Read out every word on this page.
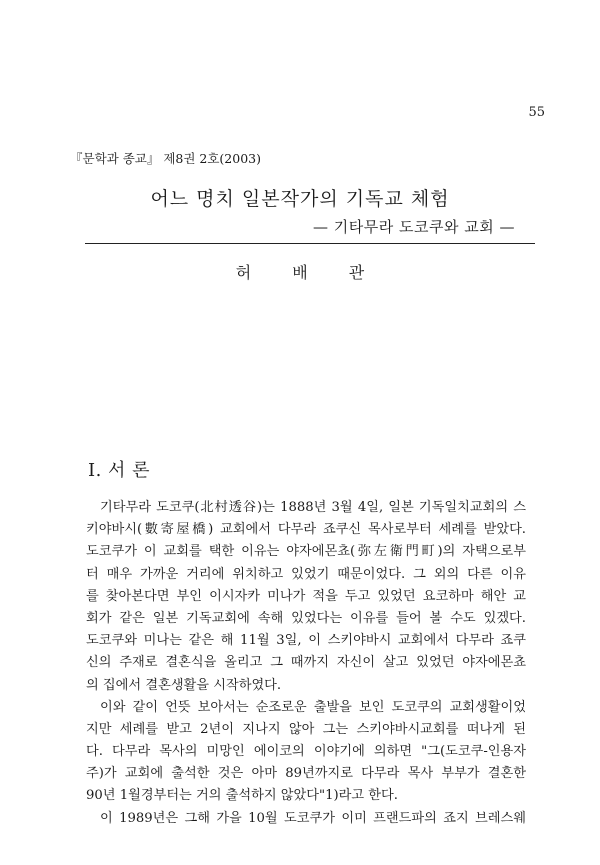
55
『문학과 종교』 제8권 2호(2003)
어느 명치 일본작가의 기독교 체험
— 기타무라 도코쿠와 교회 —
허 배 관
I. 서 론
기타무라 도코쿠(北村透谷)는 1888년 3월 4일, 일본 기독일치교회의 스
키야바시(數寄屋橋) 교회에서 다무라 죠쿠신 목사로부터 세례를 받았다.
도코쿠가 이 교회를 택한 이유는 야자에몬쵸(弥左衛門町)의 자택으로부
터 매우 가까운 거리에 위치하고 있었기 때문이었다. 그 외의 다른 이유
를 찾아본다면 부인 이시자카 미나가 적을 두고 있었던 요코하마 해안 교
회가 같은 일본 기독교회에 속해 있었다는 이유를 들어 볼 수도 있겠다.
도코쿠와 미나는 같은 해 11월 3일, 이 스키야바시 교회에서 다무라 죠쿠
신의 주재로 결혼식을 올리고 그 때까지 자신이 살고 있었던 야자에몬쵸
의 집에서 결혼생활을 시작하였다.
이와 같이 언뜻 보아서는 순조로운 출발을 보인 도코쿠의 교회생활이었
지만 세례를 받고 2년이 지나지 않아 그는 스키야바시교회를 떠나게 된
다. 다무라 목사의 미망인 에이코의 이야기에 의하면 "그(도코쿠-인용자
주)가 교회에 출석한 것은 아마 89년까지로 다무라 목사 부부가 결혼한
90년 1월경부터는 거의 출석하지 않았다"1)라고 한다.
이 1989년은 그해 가을 10월 도코쿠가 이미 프랜드파의 죠지 브레스웨
